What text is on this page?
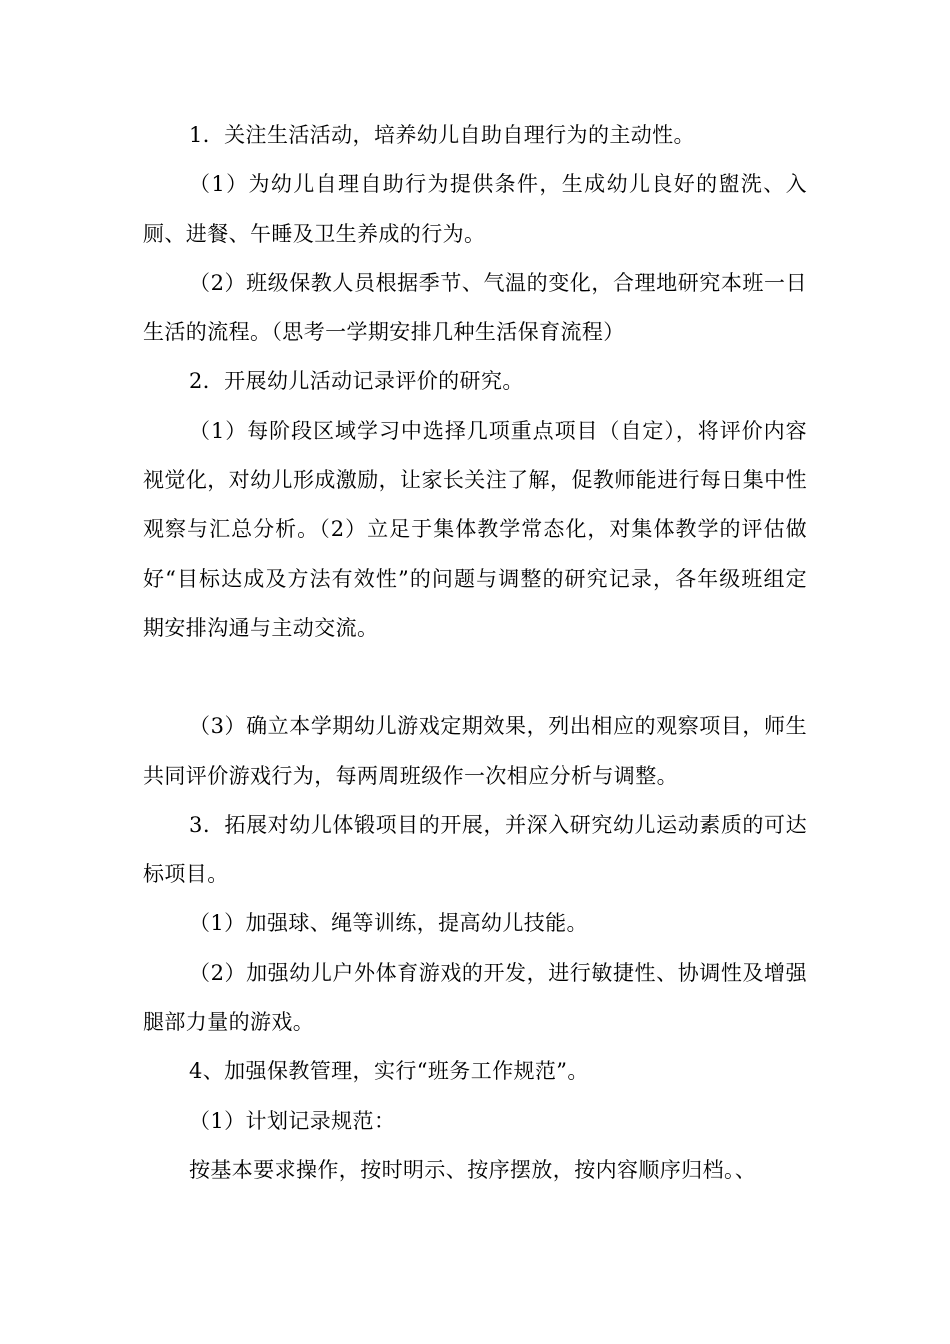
1．关注生活活动，培养幼儿自助自理行为的主动性。

（1）为幼儿自理自助行为提供条件，生成幼儿良好的盥洗、入厕、进餐、午睡及卫生养成的行为。

（2）班级保教人员根据季节、气温的变化，合理地研究本班一日生活的流程。（思考一学期安排几种生活保育流程）

2．开展幼儿活动记录评价的研究。

（1）每阶段区域学习中选择几项重点项目（自定），将评价内容视觉化，对幼儿形成激励，让家长关注了解，促教师能进行每日集中性观察与汇总分析。（2）立足于集体教学常态化，对集体教学的评估做好“目标达成及方法有效性”的问题与调整的研究记录，各年级班组定期安排沟通与主动交流。

（3）确立本学期幼儿游戏定期效果，列出相应的观察项目，师生共同评价游戏行为，每两周班级作一次相应分析与调整。

3．拓展对幼儿体锻项目的开展，并深入研究幼儿运动素质的可达标项目。

（1）加强球、绳等训练，提高幼儿技能。

（2）加强幼儿户外体育游戏的开发，进行敏捷性、协调性及增强腿部力量的游戏。

4、加强保教管理，实行“班务工作规范”。

（1）计划记录规范：

按基本要求操作，按时明示、按序摆放，按内容顺序归档。、
